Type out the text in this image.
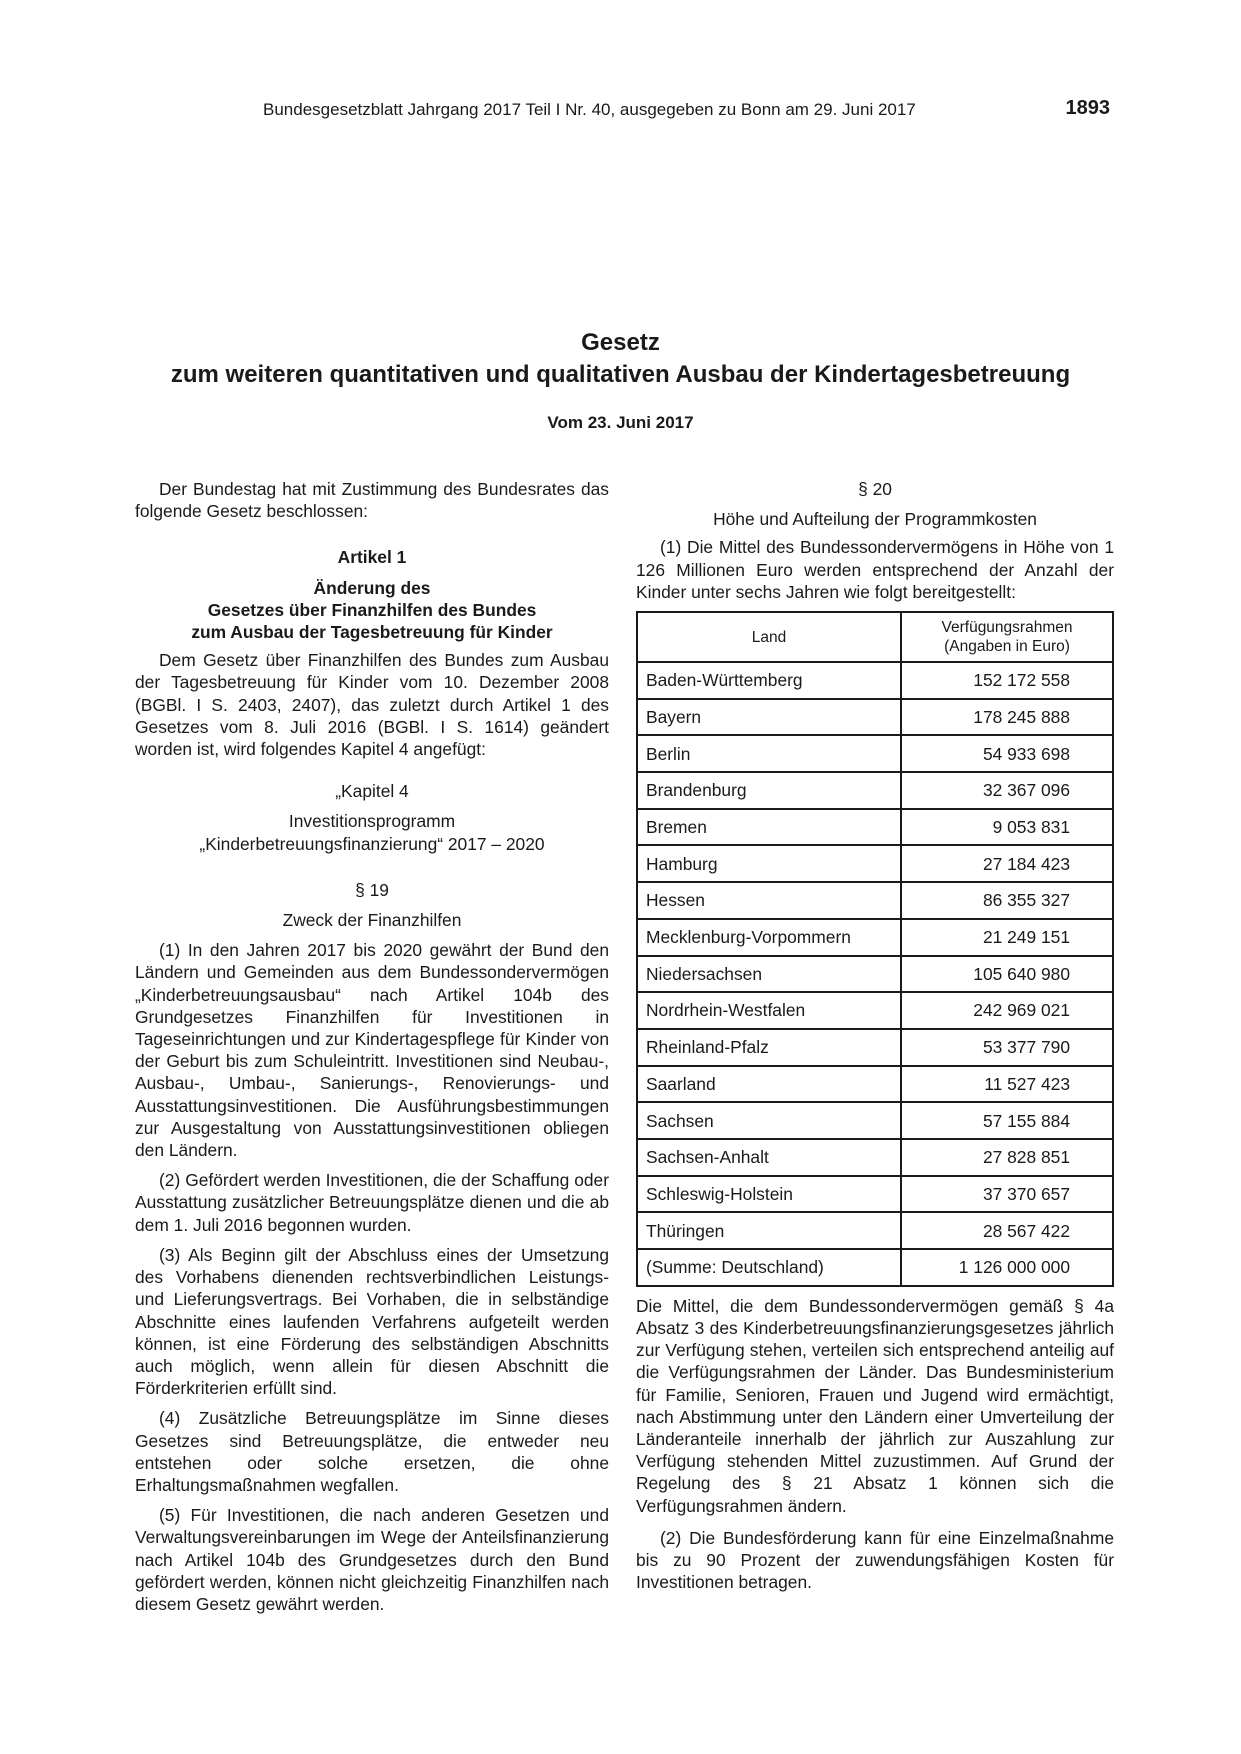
Bundesgesetzblatt Jahrgang 2017 Teil I Nr. 40, ausgegeben zu Bonn am 29. Juni 2017	1893
Gesetz
zum weiteren quantitativen und qualitativen Ausbau der Kindertagesbetreuung
Vom 23. Juni 2017

Der Bundestag hat mit Zustimmung des Bundesrates das folgende Gesetz beschlossen:

Artikel 1

Änderung des

Gesetzes über Finanzhilfen des Bundes

zum Ausbau der Tagesbetreuung für Kinder

Dem Gesetz über Finanzhilfen des Bundes zum Ausbau der Tagesbetreuung für Kinder vom 10. Dezember 2008 (BGBl. I S. 2403, 2407), das zuletzt durch Artikel 1 des Gesetzes vom 8. Juli 2016 (BGBl. I S. 1614) geändert worden ist, wird folgendes Kapitel 4 angefügt:

„Kapitel 4

Investitionsprogramm

„Kinderbetreuungsfinanzierung“ 2017 – 2020

§ 19

Zweck der Finanzhilfen

(1) In den Jahren 2017 bis 2020 gewährt der Bund den Ländern und Gemeinden aus dem Bundessondervermögen „Kinderbetreuungsausbau“ nach Artikel 104b des Grundgesetzes Finanzhilfen für Investitionen in Tageseinrichtungen und zur Kindertagespflege für Kinder von der Geburt bis zum Schuleintritt. Investitionen sind Neubau-, Ausbau-, Umbau-, Sanierungs-, Renovierungs- und Ausstattungsinvestitionen. Die Ausführungsbestimmungen zur Ausgestaltung von Ausstattungsinvestitionen obliegen den Ländern.

(2) Gefördert werden Investitionen, die der Schaffung oder Ausstattung zusätzlicher Betreuungsplätze dienen und die ab dem 1. Juli 2016 begonnen wurden.

(3) Als Beginn gilt der Abschluss eines der Umsetzung des Vorhabens dienenden rechtsverbindlichen Leistungs- und Lieferungsvertrags. Bei Vorhaben, die in selbständige Abschnitte eines laufenden Verfahrens aufgeteilt werden können, ist eine Förderung des selbständigen Abschnitts auch möglich, wenn allein für diesen Abschnitt die Förderkriterien erfüllt sind.

(4) Zusätzliche Betreuungsplätze im Sinne dieses Gesetzes sind Betreuungsplätze, die entweder neu entstehen oder solche ersetzen, die ohne Erhaltungsmaßnahmen wegfallen.

(5) Für Investitionen, die nach anderen Gesetzen und Verwaltungsvereinbarungen im Wege der Anteilsfinanzierung nach Artikel 104b des Grundgesetzes durch den Bund gefördert werden, können nicht gleichzeitig Finanzhilfen nach diesem Gesetz gewährt werden.

§ 20

Höhe und Aufteilung der Programmkosten

(1) Die Mittel des Bundessondervermögens in Höhe von 1 126 Millionen Euro werden entsprechend der Anzahl der Kinder unter sechs Jahren wie folgt bereitgestellt:

Land	Verfügungsrahmen
(Angaben in Euro)

Baden-Württemberg	152 172 558
Bayern	178 245 888
Berlin	54 933 698
Brandenburg	32 367 096
Bremen	9 053 831
Hamburg	27 184 423
Hessen	86 355 327
Mecklenburg-Vorpommern	21 249 151
Niedersachsen	105 640 980
Nordrhein-Westfalen	242 969 021
Rheinland-Pfalz	53 377 790
Saarland	11 527 423
Sachsen	57 155 884
Sachsen-Anhalt	27 828 851
Schleswig-Holstein	37 370 657
Thüringen	28 567 422
(Summe: Deutschland)	1 126 000 000

Die Mittel, die dem Bundessondervermögen gemäß § 4a Absatz 3 des Kinderbetreuungsfinanzierungsgesetzes jährlich zur Verfügung stehen, verteilen sich entsprechend anteilig auf die Verfügungsrahmen der Länder. Das Bundesministerium für Familie, Senioren, Frauen und Jugend wird ermächtigt, nach Abstimmung unter den Ländern einer Umverteilung der Länderanteile innerhalb der jährlich zur Auszahlung zur Verfügung stehenden Mittel zuzustimmen. Auf Grund der Regelung des § 21 Absatz 1 können sich die Verfügungsrahmen ändern.

(2) Die Bundesförderung kann für eine Einzelmaßnahme bis zu 90 Prozent der zuwendungsfähigen Kosten für Investitionen betragen.
